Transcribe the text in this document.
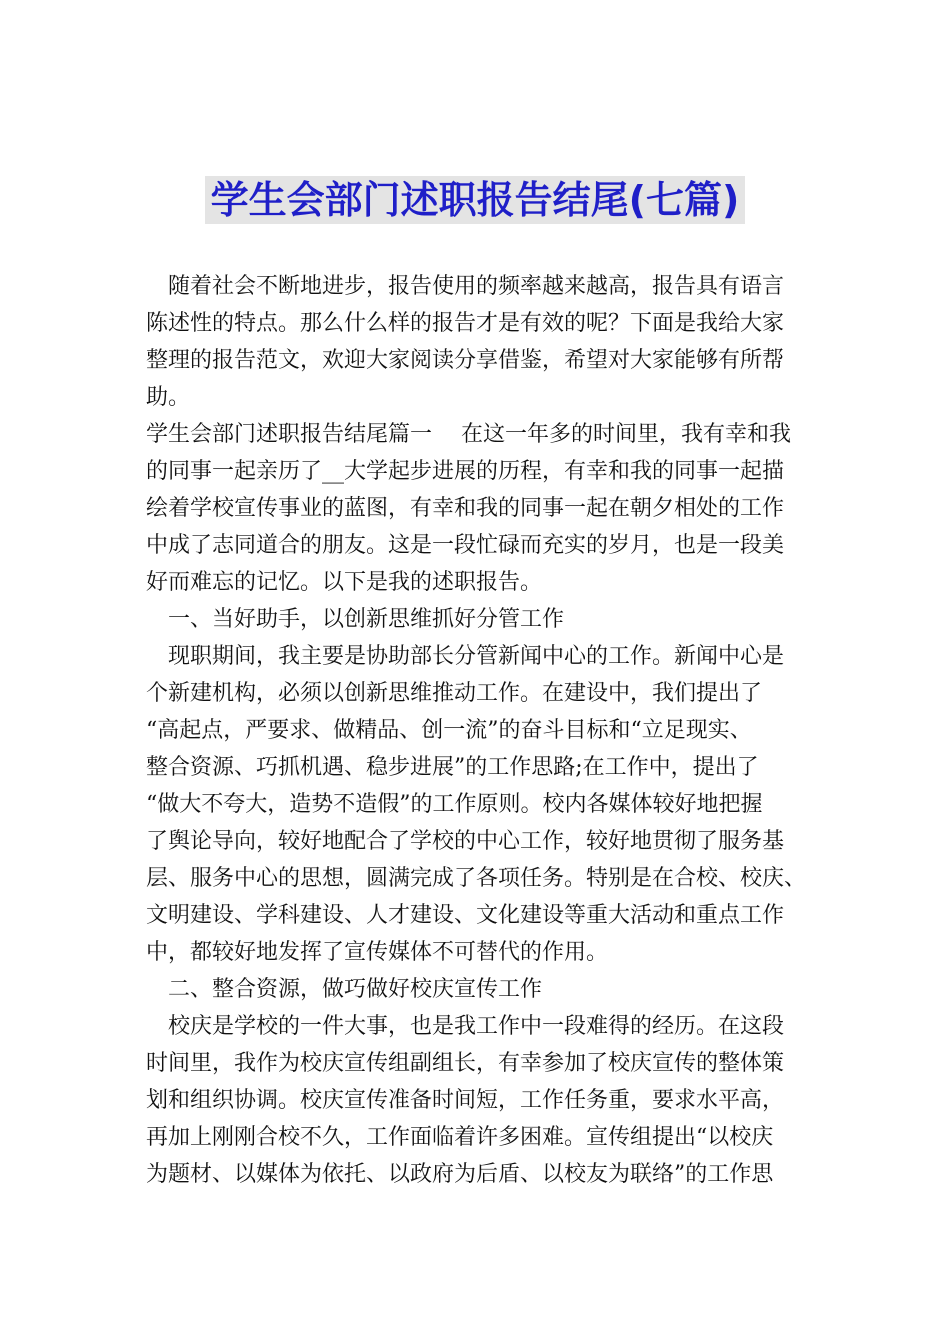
学生会部门述职报告结尾(七篇)
　随着社会不断地进步，报告使用的频率越来越高，报告具有语言
陈述性的特点。那么什么样的报告才是有效的呢？下面是我给大家
整理的报告范文，欢迎大家阅读分享借鉴，希望对大家能够有所帮
助。
学生会部门述职报告结尾篇一　 在这一年多的时间里，我有幸和我
的同事一起亲历了__大学起步进展的历程，有幸和我的同事一起描
绘着学校宣传事业的蓝图，有幸和我的同事一起在朝夕相处的工作
中成了志同道合的朋友。这是一段忙碌而充实的岁月，也是一段美
好而难忘的记忆。以下是我的述职报告。
　一、当好助手，以创新思维抓好分管工作
　现职期间，我主要是协助部长分管新闻中心的工作。新闻中心是
个新建机构，必须以创新思维推动工作。在建设中，我们提出了
“高起点，严要求、做精品、创一流”的奋斗目标和“立足现实、
整合资源、巧抓机遇、稳步进展”的工作思路;在工作中，提出了
“做大不夸大，造势不造假”的工作原则。校内各媒体较好地把握
了舆论导向，较好地配合了学校的中心工作，较好地贯彻了服务基
层、服务中心的思想，圆满完成了各项任务。特别是在合校、校庆、
文明建设、学科建设、人才建设、文化建设等重大活动和重点工作
中，都较好地发挥了宣传媒体不可替代的作用。
　二、整合资源，做巧做好校庆宣传工作
　校庆是学校的一件大事，也是我工作中一段难得的经历。在这段
时间里，我作为校庆宣传组副组长，有幸参加了校庆宣传的整体策
划和组织协调。校庆宣传准备时间短，工作任务重，要求水平高，
再加上刚刚合校不久，工作面临着许多困难。宣传组提出“以校庆
为题材、以媒体为依托、以政府为后盾、以校友为联络”的工作思
